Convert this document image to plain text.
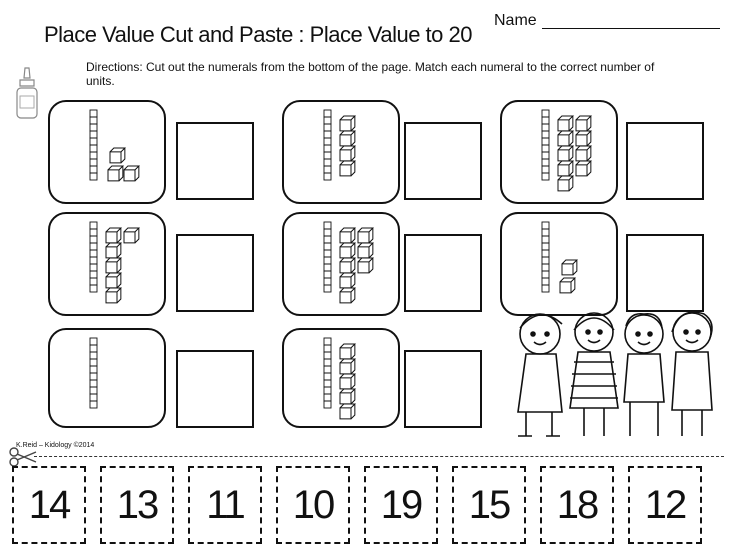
Place Value Cut and Paste : Place Value to 20
Name
Directions: Cut out the numerals from the bottom of the page. Match each numeral to the correct number of units.
K.Reid – Kidology ©2014
14	13	11	10	19	15	18	12
